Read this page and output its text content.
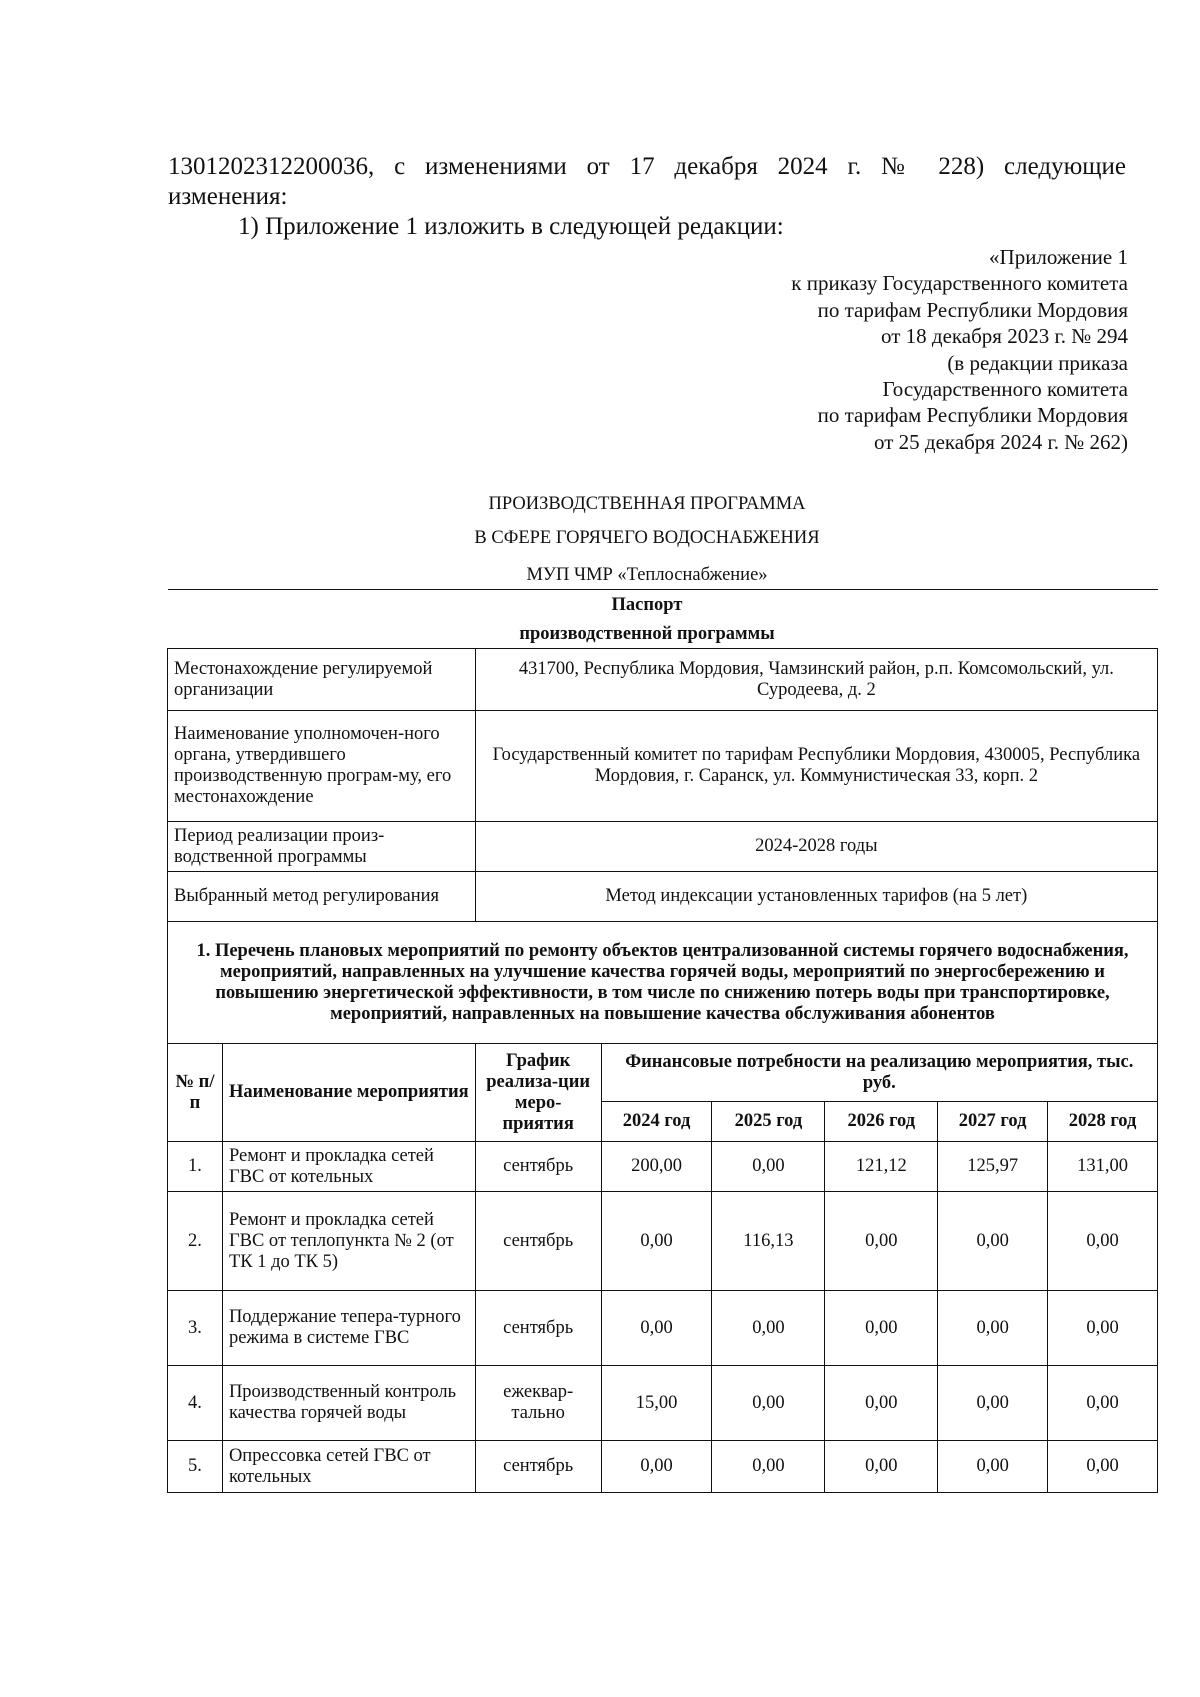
1301202312200036, с изменениями от 17 декабря 2024 г. № 228) следующие

изменения:

1) Приложение 1 изложить в следующей редакции:

«Приложение 1
к приказу Государственного комитета
по тарифам Республики Мордовия
от 18 декабря 2023 г. № 294
(в редакции приказа
Государственного комитета
по тарифам Республики Мордовия
от 25 декабря 2024 г. № 262)
ПРОИЗВОДСТВЕННАЯ ПРОГРАММА
В СФЕРЕ ГОРЯЧЕГО ВОДОСНАБЖЕНИЯ
МУП ЧМР «Теплоснабжение»
Паспорт
производственной программы
Местонахождение регулируемой организации		431700, Республика Мордовия, Чамзинский район, р.п. Комсомольский, ул. Суродеева, д. 2					
Наименование уполномочен-ного органа, утвердившего производственную програм-му, его местонахождение		Государственный комитет по тарифам Республики Мордовия, 430005, Республика Мордовия, г. Саранск, ул. Коммунистическая 33, корп. 2					
Период реализации произ-водственной программы		2024-2028 годы					
Выбранный метод регулирования		Метод индексации установленных тарифов (на 5 лет)					
1. Перечень плановых мероприятий по ремонту объектов централизованной системы горячего водоснабжения, мероприятий, направленных на улучшение качества горячей воды, мероприятий по энергосбережению и повышению энергетической эффективности, в том числе по снижению потерь воды при транспортировке, мероприятий, направленных на повышение качества обслуживания абонентов							
№ п/п	Наименование мероприятия	График реализа-ции меро-приятия	Финансовые потребности на реализацию мероприятия, тыс. руб.				
			2024 год	2025 год	2026 год	2027 год	2028 год
1.	Ремонт и прокладка сетей ГВС от котельных	сентябрь	200,00	0,00	121,12	125,97	131,00
2.	Ремонт и прокладка сетей ГВС от теплопункта № 2 (от ТК 1 до ТК 5)	сентябрь	0,00	116,13	0,00	0,00	0,00
3.	Поддержание тепера-турного режима в системе ГВС	сентябрь	0,00	0,00	0,00	0,00	0,00
4.	Производственный контроль качества горячей воды	ежеквар-тально	15,00	0,00	0,00	0,00	0,00
5.	Опрессовка сетей ГВС от котельных	сентябрь	0,00	0,00	0,00	0,00	0,00
